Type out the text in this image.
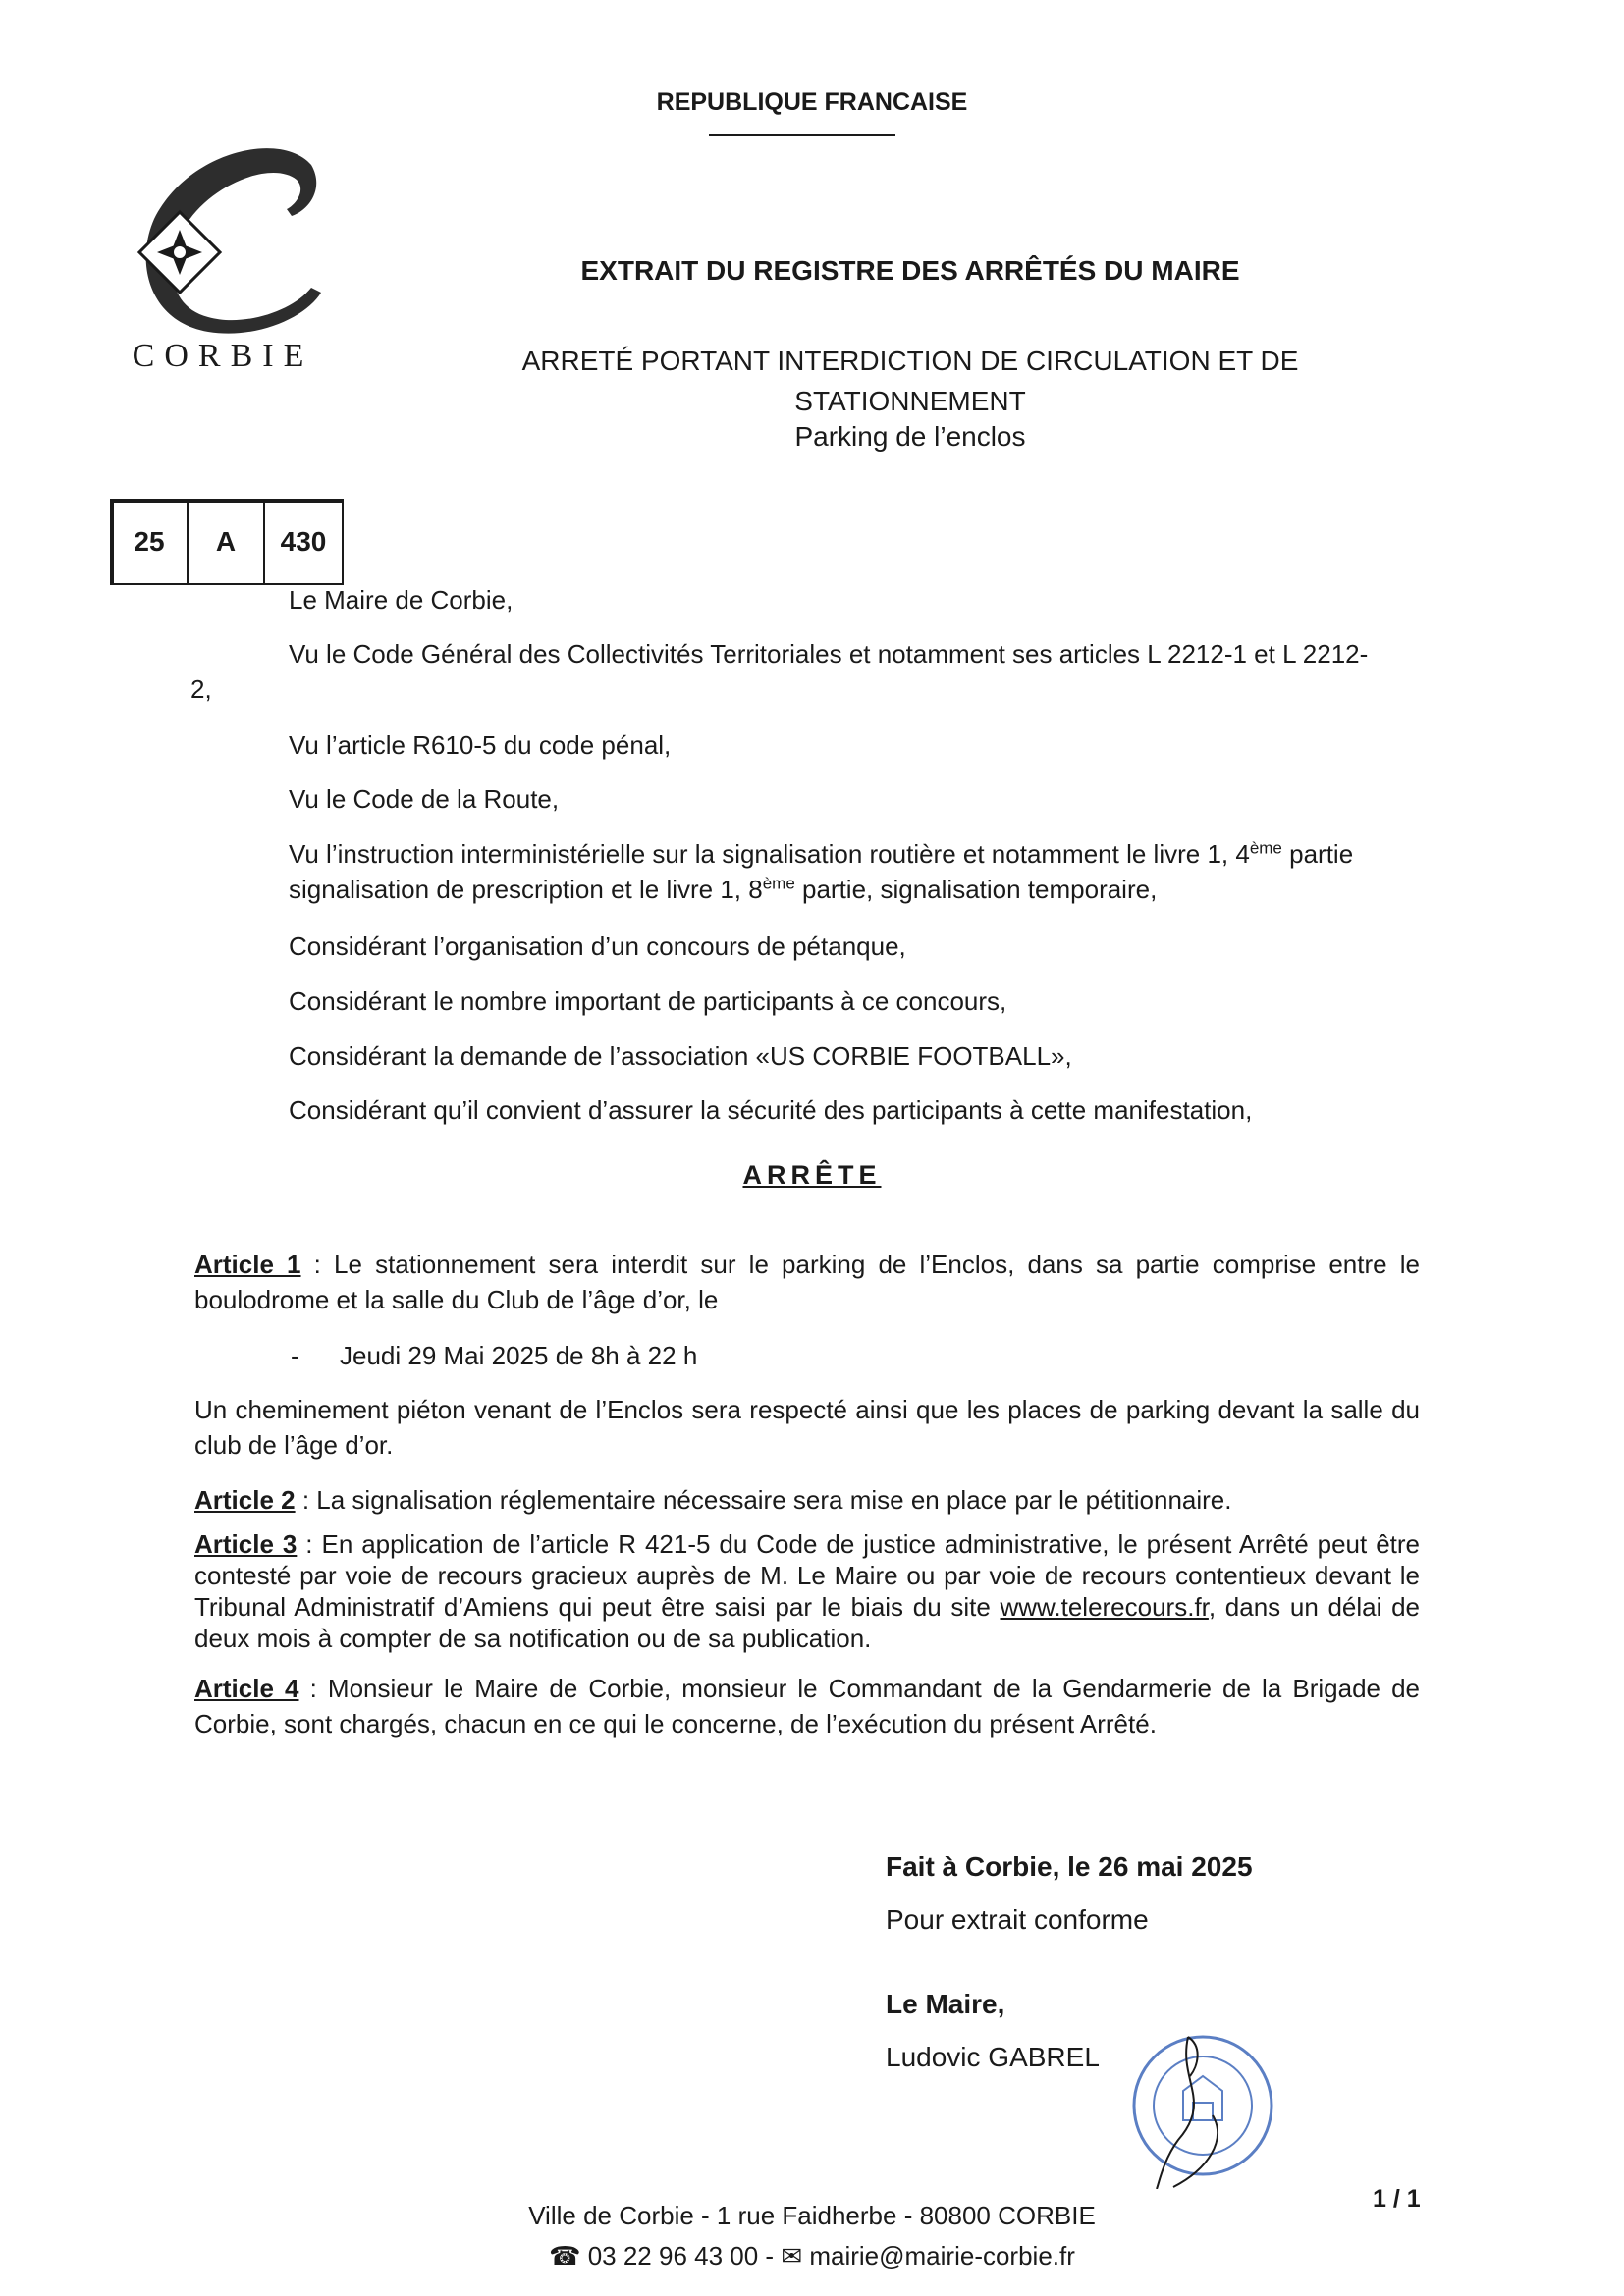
REPUBLIQUE FRANCAISE
CORBIE
EXTRAIT DU REGISTRE DES ARRÊTÉS DU MAIRE
ARRETÉ PORTANT INTERDICTION DE CIRCULATION ET DE
STATIONNEMENT
Parking de l’enclos
25	A	430
Le Maire de Corbie,
Vu le Code Général des Collectivités Territoriales et notamment ses articles L 2212-1 et L 2212-
2,
Vu l’article R610-5 du code pénal,
Vu le Code de la Route,
Vu l’instruction interministérielle sur la signalisation routière et notamment le livre 1, 4ème partie
signalisation de prescription et le livre 1, 8ème partie, signalisation temporaire,
Considérant l’organisation d’un concours de pétanque,
Considérant le nombre important de participants à ce concours,
Considérant la demande de l’association «US CORBIE FOOTBALL»,
Considérant qu’il convient d’assurer la sécurité des participants à cette manifestation,
ARRÊTE
Article 1 : Le stationnement sera interdit sur le parking de l’Enclos, dans sa partie comprise entre le boulodrome et la salle du Club de l’âge d’or, le
- Jeudi 29 Mai 2025 de 8h à 22 h
Un cheminement piéton venant de l’Enclos sera respecté ainsi que les places de parking devant la salle du club de l’âge d’or.
Article 2 : La signalisation réglementaire nécessaire sera mise en place par le pétitionnaire.
Article 3 : En application de l’article R 421-5 du Code de justice administrative, le présent Arrêté peut être contesté par voie de recours gracieux auprès de M. Le Maire ou par voie de recours contentieux devant le Tribunal Administratif d’Amiens qui peut être saisi par le biais du site www.telerecours.fr, dans un délai de deux mois à compter de sa notification ou de sa publication.
Article 4 : Monsieur le Maire de Corbie, monsieur le Commandant de la Gendarmerie de la Brigade de Corbie, sont chargés, chacun en ce qui le concerne, de l’exécution du présent Arrêté.
Fait à Corbie, le 26 mai 2025
Pour extrait conforme
Le Maire,
Ludovic GABREL
Ville de Corbie - 1 rue Faidherbe - 80800 CORBIE
☎ 03 22 96 43 00 - ✉ mairie@mairie-corbie.fr
1 / 1
